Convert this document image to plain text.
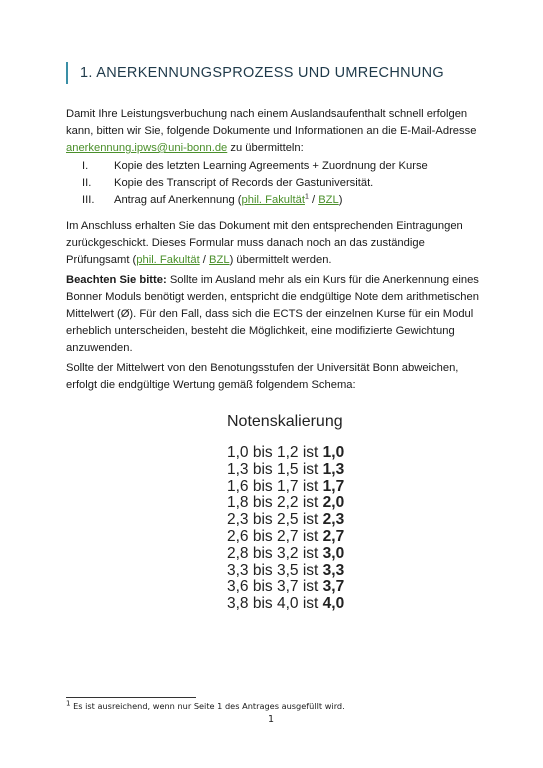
1. ANERKENNUNGSPROZESS UND UMRECHNUNG
Damit Ihre Leistungsverbuchung nach einem Auslandsaufenthalt schnell erfolgen kann, bitten wir Sie, folgende Dokumente und Informationen an die E-Mail-Adresse anerkennung.ipws@uni-bonn.de zu übermitteln:
I.	Kopie des letzten Learning Agreements + Zuordnung der Kurse
II.	Kopie des Transcript of Records der Gastuniversität.
III.	Antrag auf Anerkennung (phil. Fakultät$^1$ / BZL)
Im Anschluss erhalten Sie das Dokument mit den entsprechenden Eintragungen zurückgeschickt. Dieses Formular muss danach noch an das zuständige Prüfungsamt (phil. Fakultät / BZL) übermittelt werden.
Beachten Sie bitte: Sollte im Ausland mehr als ein Kurs für die Anerkennung eines Bonner Moduls benötigt werden, entspricht die endgültige Note dem arithmetischen Mittelwert (Ø). Für den Fall, dass sich die ECTS der einzelnen Kurse für ein Modul erheblich unterscheiden, besteht die Möglichkeit, eine modifizierte Gewichtung anzuwenden.
Sollte der Mittelwert von den Benotungsstufen der Universität Bonn abweichen, erfolgt die endgültige Wertung gemäß folgendem Schema:
Notenskalierung
1,0 bis 1,2 ist 1,0
1,3 bis 1,5 ist 1,3
1,6 bis 1,7 ist 1,7
1,8 bis 2,2 ist 2,0
2,3 bis 2,5 ist 2,3
2,6 bis 2,7 ist 2,7
2,8 bis 3,2 ist 3,0
3,3 bis 3,5 ist 3,3
3,6 bis 3,7 ist 3,7
3,8 bis 4,0 ist 4,0
$^1$ Es ist ausreichend, wenn nur Seite 1 des Antrages ausgefüllt wird.
1
